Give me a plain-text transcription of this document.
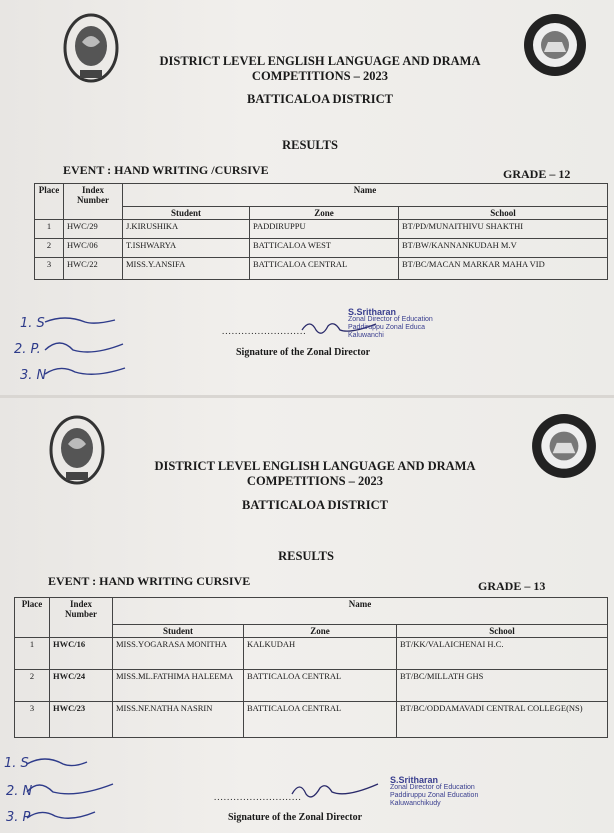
DISTRICT LEVEL ENGLISH LANGUAGE AND DRAMA
COMPETITIONS – 2023
BATTICALOA DISTRICT
RESULTS
EVENT : HAND WRITING /CURSIVE	GRADE – 12
Place	Index Number	Name		
		Student	Zone	School
1	HWC/29	J.KIRUSHIKA	PADDIRUPPU	BT/PD/MUNAITHIVU SHAKTHI
2	HWC/06	T.ISHWARYA	BATTICALOA WEST	BT/BW/KANNANKUDAH M.V
3	HWC/22	MISS.Y.ANSIFA	BATTICALOA CENTRAL	BT/BC/MACAN MARKAR MAHA VID
1. S
2. P.
3. N
..........................
S.Sritharan
Zonal Director of Education
Paddiruppu Zonal Educa
Kaluwanchi
Signature of the Zonal Director
DISTRICT LEVEL ENGLISH LANGUAGE AND DRAMA
COMPETITIONS – 2023
BATTICALOA DISTRICT
RESULTS
EVENT : HAND WRITING CURSIVE	GRADE – 13
Place	Index Number	Name		
		Student	Zone	School
1	HWC/16	MISS.YOGARASA MONITHA	KALKUDAH	BT/KK/VALAICHENAI H.C.
2	HWC/24	MISS.ML.FATHIMA HALEEMA	BATTICALOA CENTRAL	BT/BC/MILLATH GHS
3	HWC/23	MISS.NF.NATHA NASRIN	BATTICALOA CENTRAL	BT/BC/ODDAMAVADI CENTRAL COLLEGE(NS)
1. S
2. N
3. P
...........................
S.Sritharan
Zonal Director of Education
Paddiruppu Zonal Education
Kaluwanchikudy
Signature of the Zonal Director
